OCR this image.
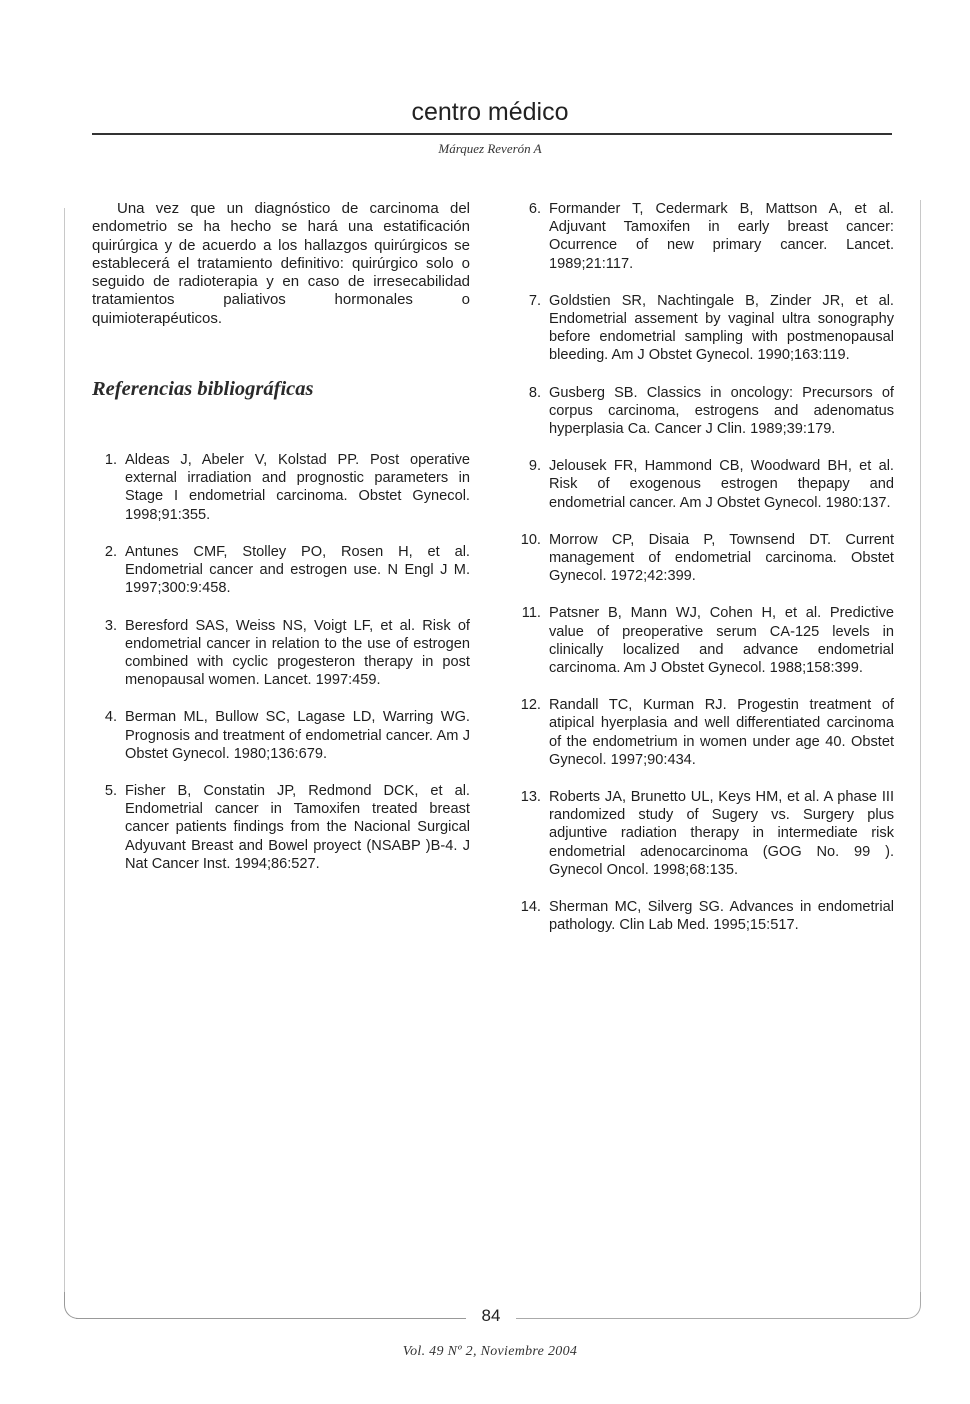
centro médico
Márquez Reverón A

Una vez que un diagnóstico de carcinoma del endometrio se ha hecho se hará una estatificación quirúrgica y de acuerdo a los hallazgos quirúrgicos se establecerá el tratamiento definitivo: quirúrgico solo o seguido de radioterapia y en caso de irresecabilidad tratamientos paliativos hormonales o quimioterapéuticos.

Referencias bibliográficas
1. Aldeas J, Abeler V, Kolstad PP. Post operative external irradiation and prognostic parameters in Stage I endometrial carcinoma. Obstet Gynecol. 1998;91:355.
2. Antunes CMF, Stolley PO, Rosen H, et al. Endometrial cancer and estrogen use. N Engl J M. 1997;300:9:458.
3. Beresford SAS, Weiss NS, Voigt LF, et al. Risk of endometrial cancer in relation to the use of estrogen combined with cyclic progesteron therapy in post menopausal women. Lancet. 1997:459.
4. Berman ML, Bullow SC, Lagase LD, Warring WG. Prognosis and treatment of endometrial cancer. Am J Obstet Gynecol. 1980;136:679.
5. Fisher B, Constatin JP, Redmond DCK, et al. Endometrial cancer in Tamoxifen treated breast cancer patients findings from the Nacional Surgical Adyuvant Breast and Bowel proyect (NSABP )B-4. J Nat Cancer Inst. 1994;86:527.
6. Formander T, Cedermark B, Mattson A, et al. Adjuvant Tamoxifen in early breast cancer: Ocurrence of new primary cancer. Lancet. 1989;21:117.
7. Goldstien SR, Nachtingale B, Zinder JR, et al. Endometrial assement by vaginal ultra sonography before endometrial sampling with postmenopausal bleeding. Am J Obstet Gynecol. 1990;163:119.
8. Gusberg SB. Classics in oncology: Precursors of corpus carcinoma, estrogens and adenomatus hyperplasia Ca. Cancer J Clin. 1989;39:179.
9. Jelousek FR, Hammond CB, Woodward BH, et al. Risk of exogenous estrogen thepapy and endometrial cancer. Am J Obstet Gynecol. 1980:137.
10. Morrow CP, Disaia P, Townsend DT. Current management of endometrial carcinoma. Obstet Gynecol. 1972;42:399.
11. Patsner B, Mann WJ, Cohen H, et al. Predictive value of preoperative serum CA-125 levels in clinically localized and advance endometrial carcinoma. Am J Obstet Gynecol. 1988;158:399.
12. Randall TC, Kurman RJ. Progestin treatment of atipical hyerplasia and well differentiated carcinoma of the endometrium in women under age 40. Obstet Gynecol. 1997;90:434.
13. Roberts JA, Brunetto UL, Keys HM, et al. A phase III randomized study of Sugery vs. Surgery plus adjuntive radiation therapy in intermediate risk endometrial adenocarcinoma (GOG No. 99 ). Gynecol Oncol. 1998;68:135.
14. Sherman MC, Silverg SG. Advances in endometrial pathology. Clin Lab Med. 1995;15:517.
84
Vol. 49 Nº 2, Noviembre 2004
